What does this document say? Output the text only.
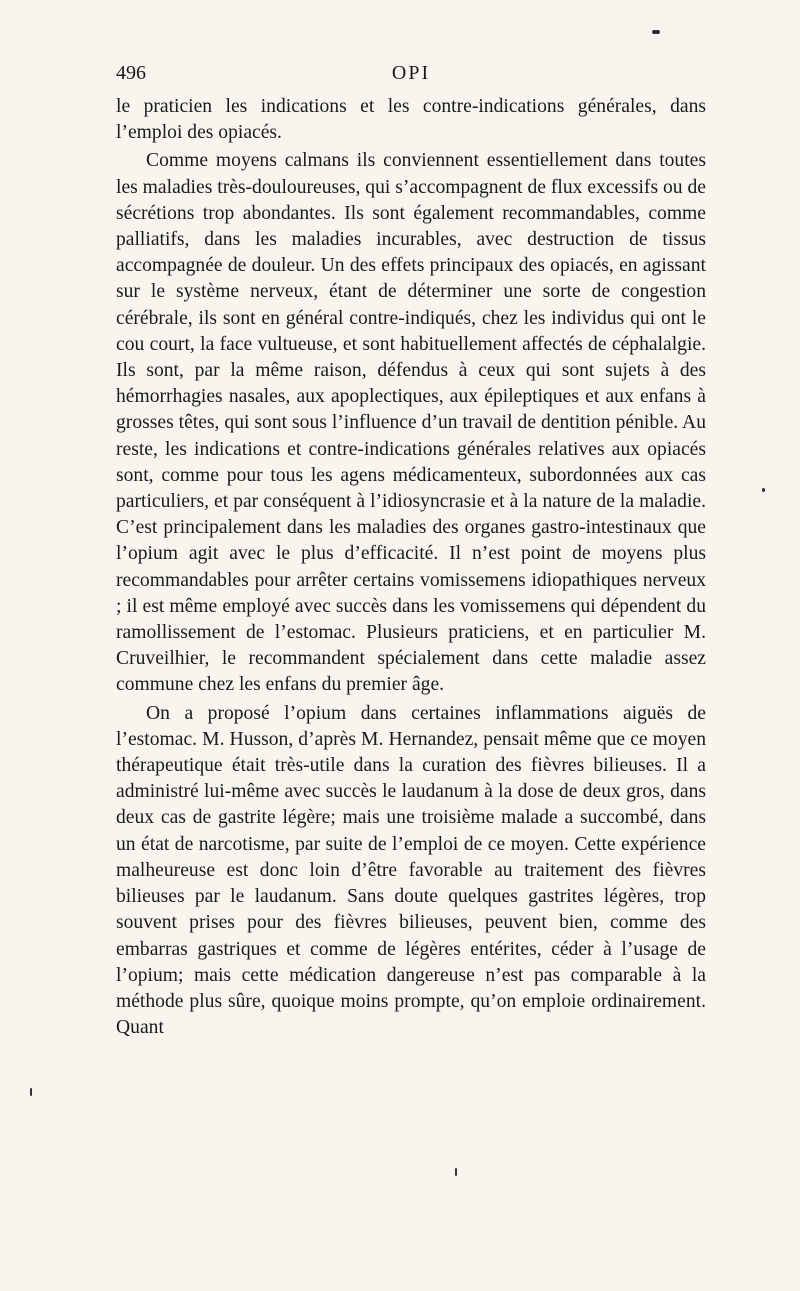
496	OPI

le praticien les indications et les contre-indications générales, dans l’emploi des opiacés.

Comme moyens calmans ils conviennent essentiellement dans toutes les maladies très-douloureuses, qui s’accompagnent de flux excessifs ou de sécrétions trop abondantes. Ils sont également recommandables, comme palliatifs, dans les maladies incurables, avec destruction de tissus accompagnée de douleur. Un des effets principaux des opiacés, en agissant sur le système nerveux, étant de déterminer une sorte de congestion cérébrale, ils sont en général contre-indiqués, chez les individus qui ont le cou court, la face vultueuse, et sont habituellement affectés de céphalalgie. Ils sont, par la même raison, défendus à ceux qui sont sujets à des hémorrhagies nasales, aux apoplectiques, aux épileptiques et aux enfans à grosses têtes, qui sont sous l’influence d’un travail de dentition pénible. Au reste, les indications et contre-indications générales relatives aux opiacés sont, comme pour tous les agens médicamenteux, subordonnées aux cas particuliers, et par conséquent à l’idiosyncrasie et à la nature de la maladie. C’est principalement dans les maladies des organes gastro-intestinaux que l’opium agit avec le plus d’efficacité. Il n’est point de moyens plus recommandables pour arrêter certains vomissemens idiopathiques nerveux ; il est même employé avec succès dans les vomissemens qui dépendent du ramollissement de l’estomac. Plusieurs praticiens, et en particulier M. Cruveilhier, le recommandent spécialement dans cette maladie assez commune chez les enfans du premier âge.

On a proposé l’opium dans certaines inflammations aiguës de l’estomac. M. Husson, d’après M. Hernandez, pensait même que ce moyen thérapeutique était très-utile dans la curation des fièvres bilieuses. Il a administré lui-même avec succès le laudanum à la dose de deux gros, dans deux cas de gastrite légère; mais une troisième malade a succombé, dans un état de narcotisme, par suite de l’emploi de ce moyen. Cette expérience malheureuse est donc loin d’être favorable au traitement des fièvres bilieuses par le laudanum. Sans doute quelques gastrites légères, trop souvent prises pour des fièvres bilieuses, peuvent bien, comme des embarras gastriques et comme de légères entérites, céder à l’usage de l’opium; mais cette médication dangereuse n’est pas comparable à la méthode plus sûre, quoique moins prompte, qu’on emploie ordinairement. Quant
